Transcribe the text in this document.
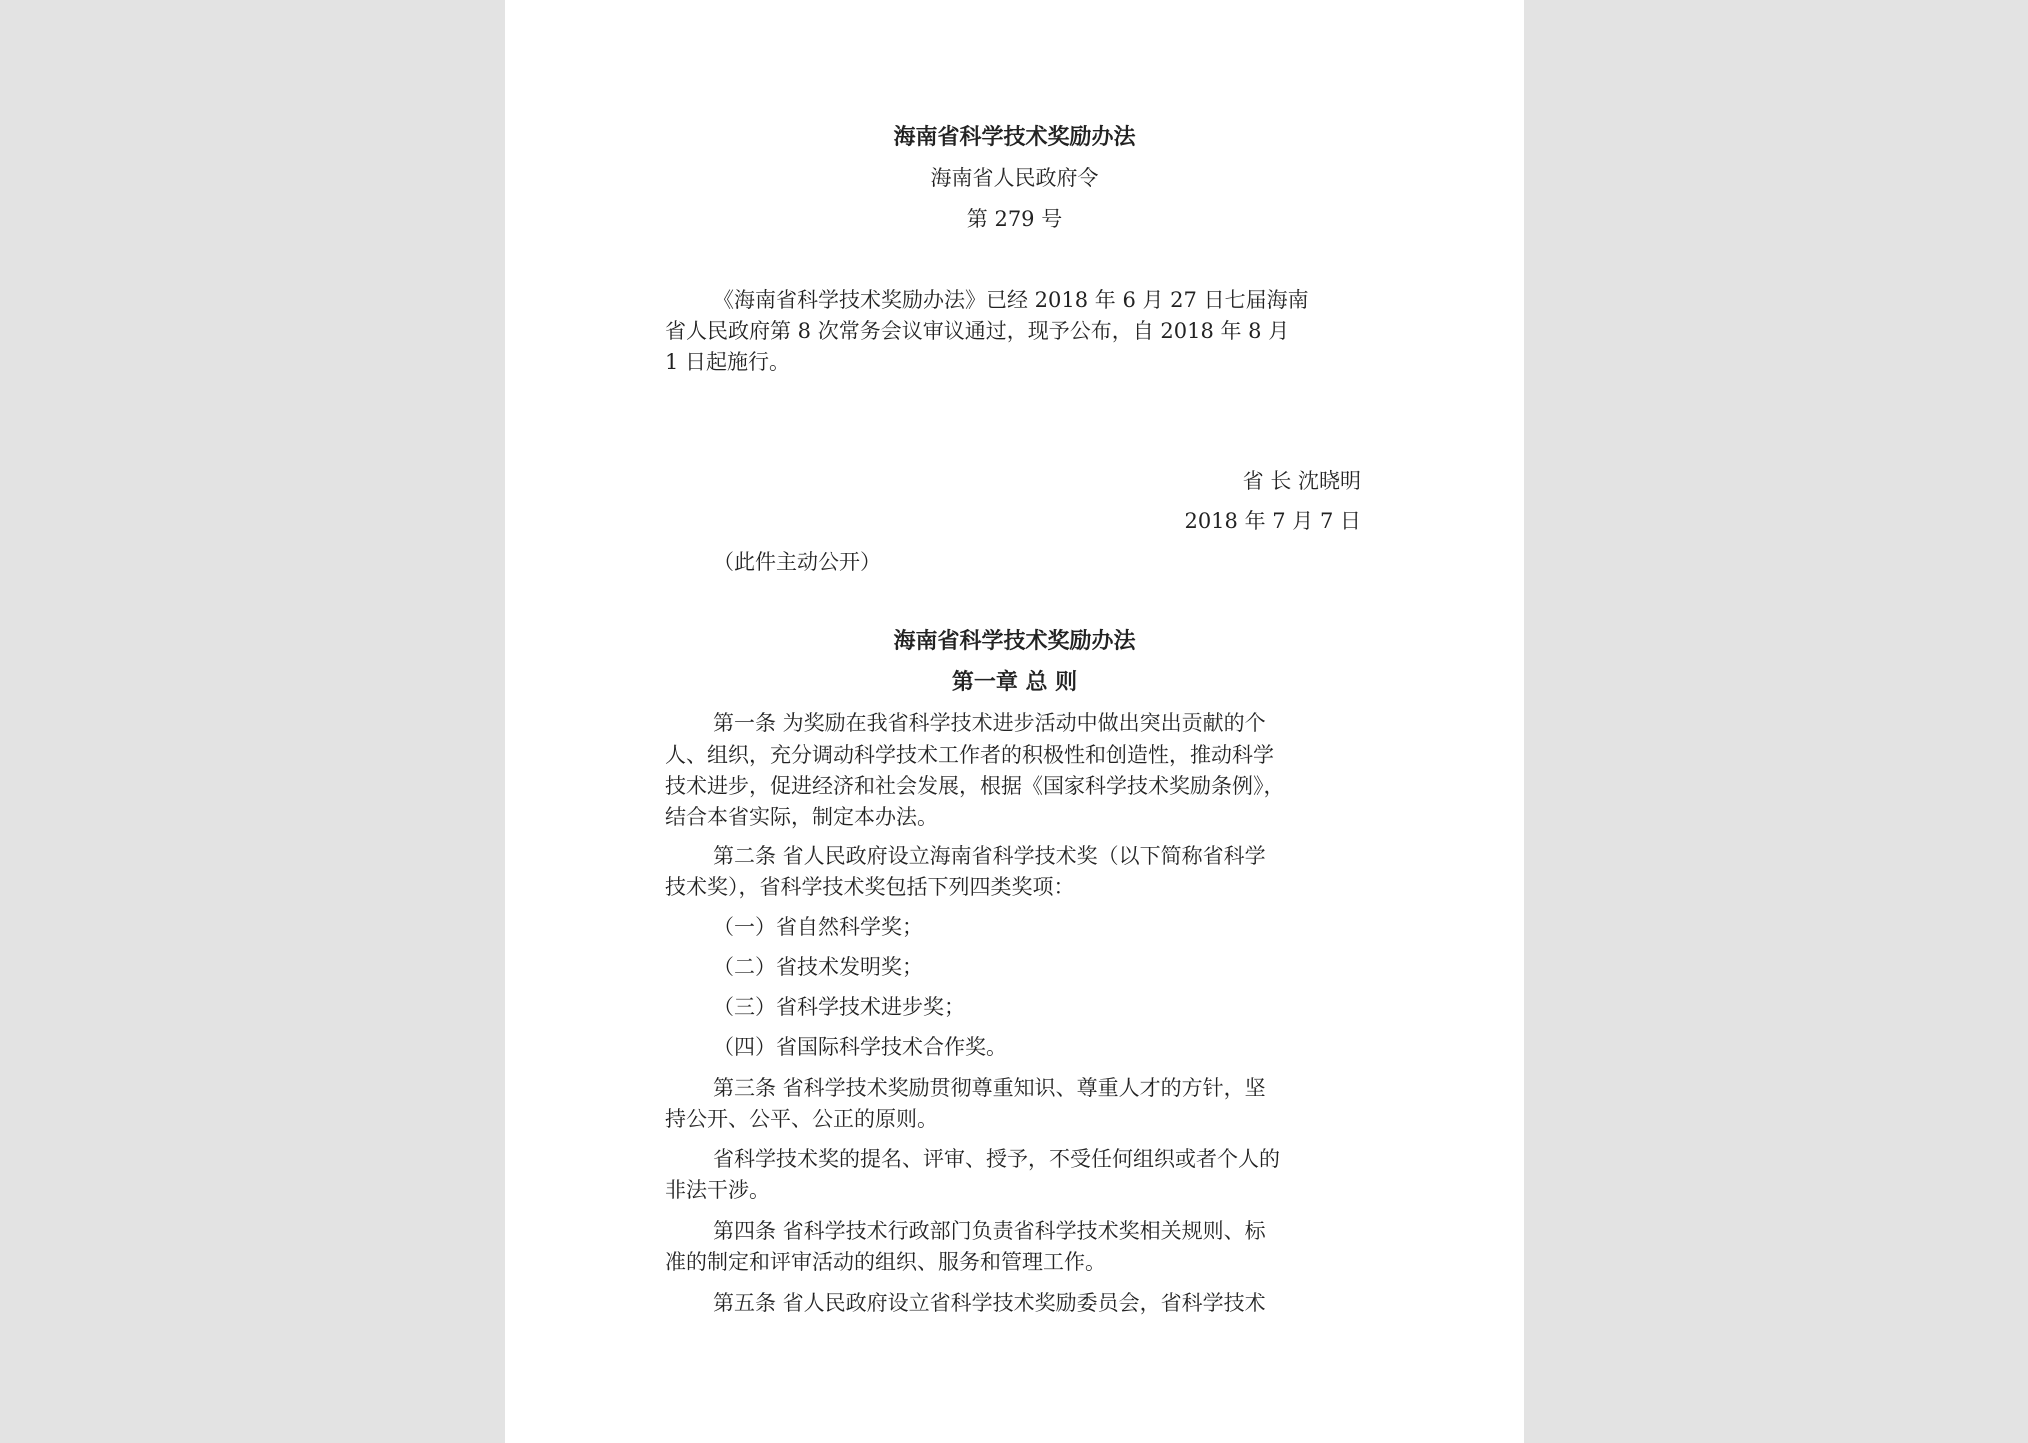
海南省科学技术奖励办法
海南省人民政府令
第 279 号
《海南省科学技术奖励办法》已经 2018 年 6 月 27 日七届海南
省人民政府第 8 次常务会议审议通过，现予公布，自 2018 年 8 月
1 日起施行。
省 长 沈晓明
2018 年 7 月 7 日
（此件主动公开）
海南省科学技术奖励办法
第一章 总 则
第一条 为奖励在我省科学技术进步活动中做出突出贡献的个
人、组织，充分调动科学技术工作者的积极性和创造性，推动科学
技术进步，促进经济和社会发展，根据《国家科学技术奖励条例》，
结合本省实际，制定本办法。
第二条 省人民政府设立海南省科学技术奖（以下简称省科学
技术奖），省科学技术奖包括下列四类奖项：
（一）省自然科学奖；
（二）省技术发明奖；
（三）省科学技术进步奖；
（四）省国际科学技术合作奖。
第三条 省科学技术奖励贯彻尊重知识、尊重人才的方针，坚
持公开、公平、公正的原则。
省科学技术奖的提名、评审、授予，不受任何组织或者个人的
非法干涉。
第四条 省科学技术行政部门负责省科学技术奖相关规则、标
准的制定和评审活动的组织、服务和管理工作。
第五条 省人民政府设立省科学技术奖励委员会，省科学技术
